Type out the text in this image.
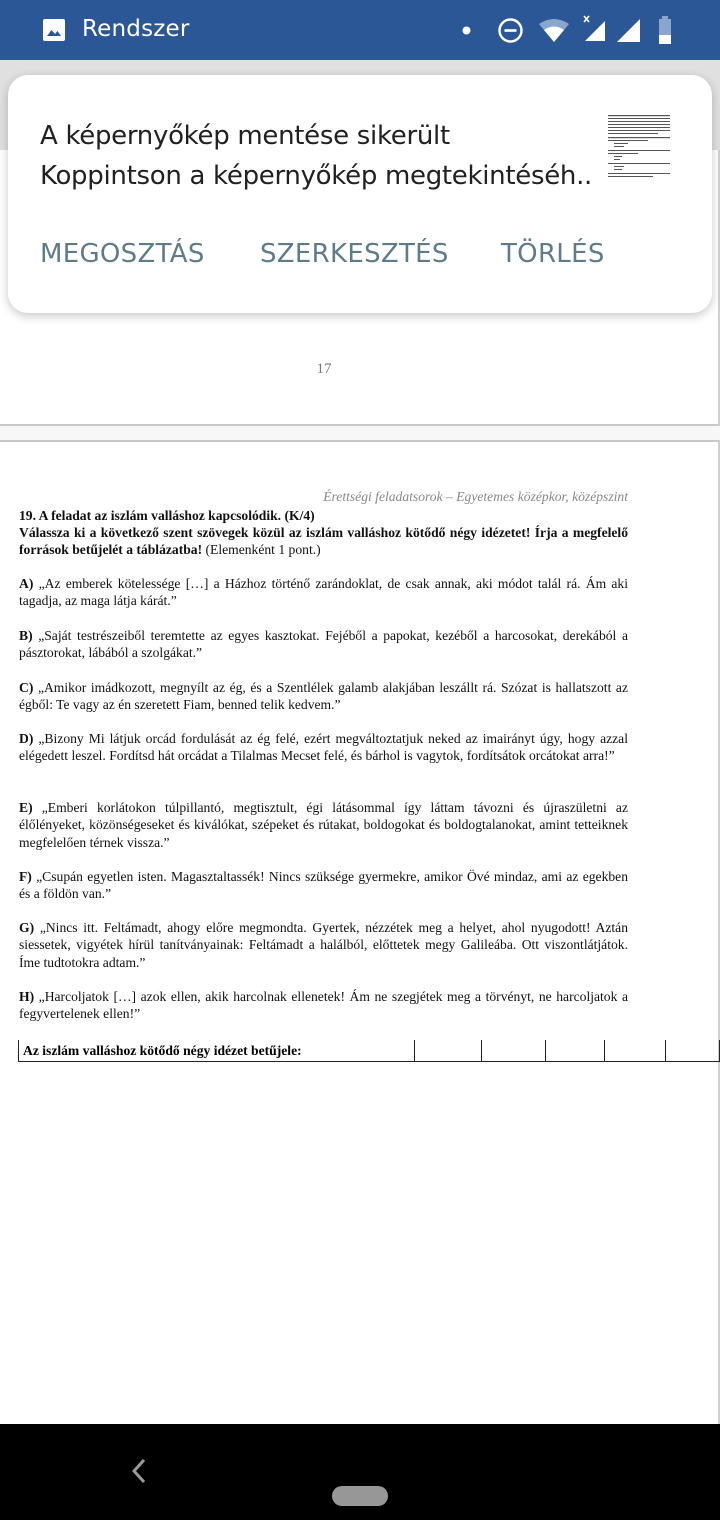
17
Érettségi feladatsorok – Egyetemes középkor, középszint
19. A feladat az iszlám valláshoz kapcsolódik. (K/4)
Válassza ki a következő szent szövegek közül az iszlám valláshoz kötődő négy idézetet! Írja a megfelelő források betűjelét a táblázatba! (Elemenként 1 pont.)
A) „Az emberek kötelessége […] a Házhoz történő zarándoklat, de csak annak, aki módot talál rá. Ám aki tagadja, az maga látja kárát.”
B) „Saját testrészeiből teremtette az egyes kasztokat. Fejéből a papokat, kezéből a harcosokat, derekából a pásztorokat, lábából a szolgákat.”
C) „Amikor imádkozott, megnyílt az ég, és a Szentlélek galamb alakjában leszállt rá. Szózat is hallatszott az égből: Te vagy az én szeretett Fiam, benned telik kedvem.”
D) „Bizony Mi látjuk orcád fordulását az ég felé, ezért megváltoztatjuk neked az imairányt úgy, hogy azzal elégedett leszel. Fordítsd hát orcádat a Tilalmas Mecset felé, és bárhol is vagytok, fordítsátok orcátokat arra!”
E) „Emberi korlátokon túlpillantó, megtisztult, égi látásommal így láttam távozni és újraszületni az élőlényeket, közönségeseket és kiválókat, szépeket és rútakat, boldogokat és boldogtalanokat, amint tetteiknek megfelelően térnek vissza.”
F) „Csupán egyetlen isten. Magasztaltassék! Nincs szüksége gyermekre, amikor Övé mindaz, ami az egekben és a földön van.”
G) „Nincs itt. Feltámadt, ahogy előre megmondta. Gyertek, nézzétek meg a helyet, ahol nyugodott! Aztán siessetek, vigyétek hírül tanítványainak: Feltámadt a halálból, előttetek megy Galileába. Ott viszontlátjátok. Íme tudtotokra adtam.”
H) „Harcoljatok […] azok ellen, akik harcolnak ellenetek! Ám ne szegjétek meg a törvényt, ne harcoljatok a fegyvertelenek ellen!”
Az iszlám valláshoz kötődő négy idézet betűjele:					
Rendszer
A képernyőkép mentése sikerült
Koppintson a képernyőkép megtekintéséh..
MEGOSZTÁS SZERKESZTÉS TÖRLÉS
